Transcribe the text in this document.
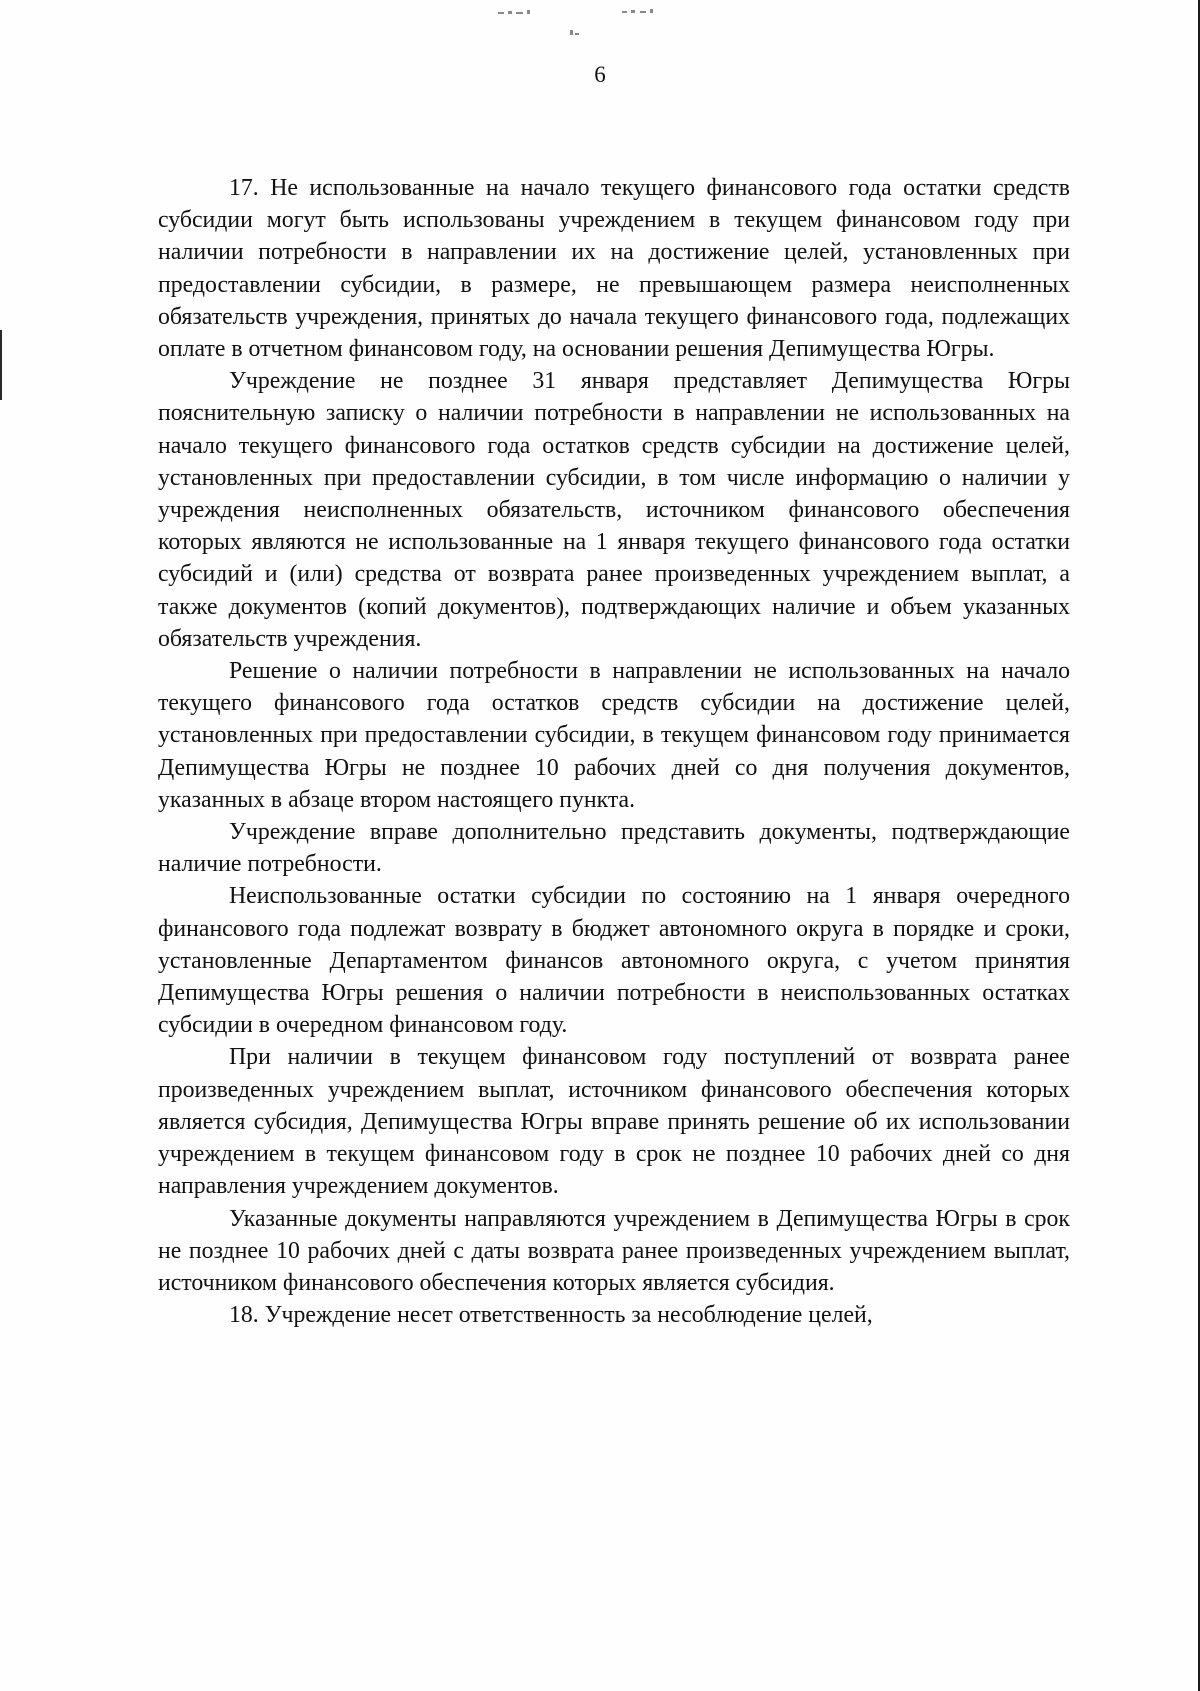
6

17. Не использованные на начало текущего финансового года остатки средств субсидии могут быть использованы учреждением в текущем финансовом году при наличии потребности в направлении их на достижение целей, установленных при предоставлении субсидии, в размере, не превышающем размера неисполненных обязательств учреждения, принятых до начала текущего финансового года, подлежащих оплате в отчетном финансовом году, на основании решения Депимущества Югры.

Учреждение не позднее 31 января представляет Депимущества Югры пояснительную записку о наличии потребности в направлении не использованных на начало текущего финансового года остатков средств субсидии на достижение целей, установленных при предоставлении субсидии, в том числе информацию о наличии у учреждения неисполненных обязательств, источником финансового обеспечения которых являются не использованные на 1 января текущего финансового года остатки субсидий и (или) средства от возврата ранее произведенных учреждением выплат, а также документов (копий документов), подтверждающих наличие и объем указанных обязательств учреждения.

Решение о наличии потребности в направлении не использованных на начало текущего финансового года остатков средств субсидии на достижение целей, установленных при предоставлении субсидии, в текущем финансовом году принимается Депимущества Югры не позднее 10 рабочих дней со дня получения документов, указанных в абзаце втором настоящего пункта.

Учреждение вправе дополнительно представить документы, подтверждающие наличие потребности.

Неиспользованные остатки субсидии по состоянию на 1 января очередного финансового года подлежат возврату в бюджет автономного округа в порядке и сроки, установленные Департаментом финансов автономного округа, с учетом принятия Депимущества Югры решения о наличии потребности в неиспользованных остатках субсидии в очередном финансовом году.

При наличии в текущем финансовом году поступлений от возврата ранее произведенных учреждением выплат, источником финансового обеспечения которых является субсидия, Депимущества Югры вправе принять решение об их использовании учреждением в текущем финансовом году в срок не позднее 10 рабочих дней со дня направления учреждением документов.

Указанные документы направляются учреждением в Депимущества Югры в срок не позднее 10 рабочих дней с даты возврата ранее произведенных учреждением выплат, источником финансового обеспечения которых является субсидия.

18. Учреждение несет ответственность за несоблюдение целей,
